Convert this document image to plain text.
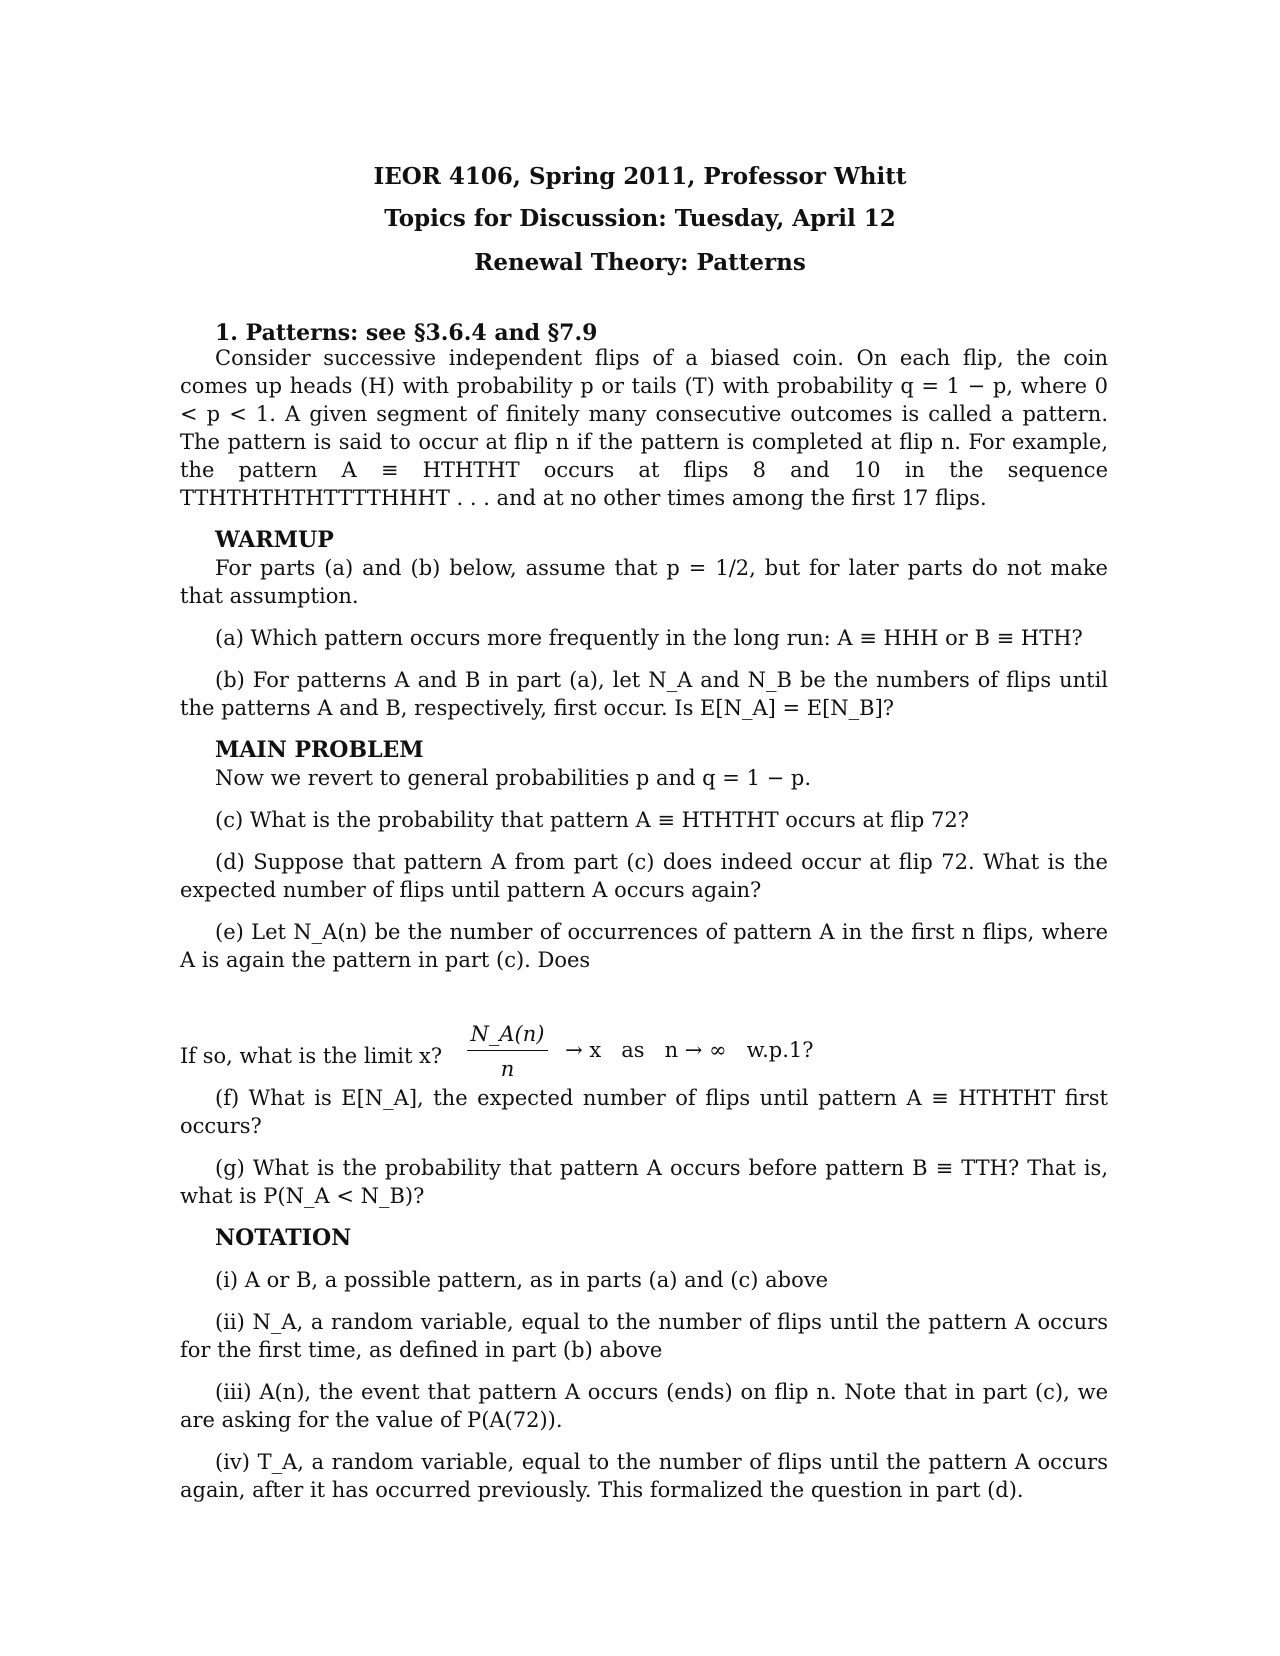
IEOR 4106, Spring 2011, Professor Whitt
Topics for Discussion: Tuesday, April 12
Renewal Theory: Patterns
1. Patterns: see §3.6.4 and §7.9

Consider successive independent flips of a biased coin. On each flip, the coin comes up heads (H) with probability p or tails (T) with probability q = 1 − p, where 0 < p < 1. A given segment of finitely many consecutive outcomes is called a pattern. The pattern is said to occur at flip n if the pattern is completed at flip n. For example, the pattern A ≡ HTHTHT occurs at flips 8 and 10 in the sequence TTHTHTHTHTTTTHHHT . . . and at no other times among the first 17 flips.

WARMUP

For parts (a) and (b) below, assume that p = 1/2, but for later parts do not make that assumption.

(a) Which pattern occurs more frequently in the long run: A ≡ HHH or B ≡ HTH?

(b) For patterns A and B in part (a), let N_A and N_B be the numbers of flips until the patterns A and B, respectively, first occur. Is E[N_A] = E[N_B]?

MAIN PROBLEM

Now we revert to general probabilities p and q = 1 − p.

(c) What is the probability that pattern A ≡ HTHTHT occurs at flip 72?

(d) Suppose that pattern A from part (c) does indeed occur at flip 72. What is the expected number of flips until pattern A occurs again?

(e) Let N_A(n) be the number of occurrences of pattern A in the first n flips, where A is again the pattern in part (c). Does

$\frac{N\_A(n)}{n} \to x$   as   n → ∞   w.p.1?
If so, what is the limit x?

(f) What is E[N_A], the expected number of flips until pattern A ≡ HTHTHT first occurs?

(g) What is the probability that pattern A occurs before pattern B ≡ TTH? That is, what is P(N_A < N_B)?

NOTATION

(i) A or B, a possible pattern, as in parts (a) and (c) above

(ii) N_A, a random variable, equal to the number of flips until the pattern A occurs for the first time, as defined in part (b) above

(iii) A(n), the event that pattern A occurs (ends) on flip n. Note that in part (c), we are asking for the value of P(A(72)).

(iv) T_A, a random variable, equal to the number of flips until the pattern A occurs again, after it has occurred previously. This formalized the question in part (d).
